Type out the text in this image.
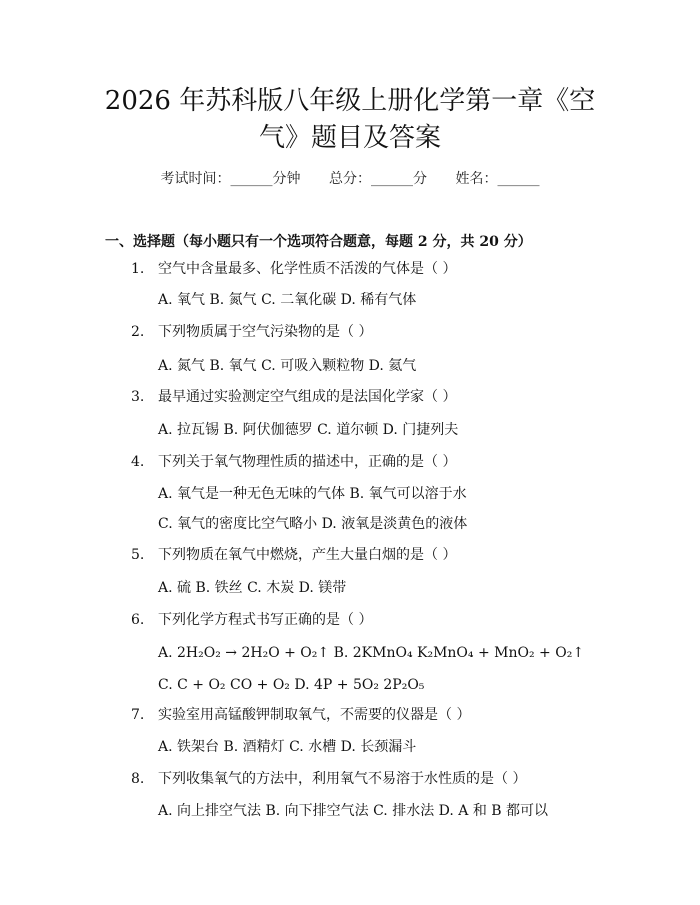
2026 年苏科版八年级上册化学第一章《空
气》题目及答案
考试时间：______分钟 总分：______分 姓名：______
一、选择题（每小题只有一个选项符合题意，每题 2 分，共 20 分）
1. 空气中含量最多、化学性质不活泼的气体是（ ）
A. 氧气 B. 氮气 C. 二氧化碳 D. 稀有气体
2. 下列物质属于空气污染物的是（ ）
A. 氮气 B. 氧气 C. 可吸入颗粒物 D. 氦气
3. 最早通过实验测定空气组成的是法国化学家（ ）
A. 拉瓦锡 B. 阿伏伽德罗 C. 道尔顿 D. 门捷列夫
4. 下列关于氧气物理性质的描述中，正确的是（ ）
A. 氧气是一种无色无味的气体 B. 氧气可以溶于水
C. 氧气的密度比空气略小 D. 液氧是淡黄色的液体
5. 下列物质在氧气中燃烧，产生大量白烟的是（ ）
A. 硫 B. 铁丝 C. 木炭 D. 镁带
6. 下列化学方程式书写正确的是（ ）
A. 2H₂O₂ → 2H₂O + O₂↑ B. 2KMnO₄ K₂MnO₄ + MnO₂ + O₂↑
C. C + O₂ CO + O₂ D. 4P + 5O₂ 2P₂O₅
7. 实验室用高锰酸钾制取氧气，不需要的仪器是（ ）
A. 铁架台 B. 酒精灯 C. 水槽 D. 长颈漏斗
8. 下列收集氧气的方法中，利用氧气不易溶于水性质的是（ ）
A. 向上排空气法 B. 向下排空气法 C. 排水法 D. A 和 B 都可以
